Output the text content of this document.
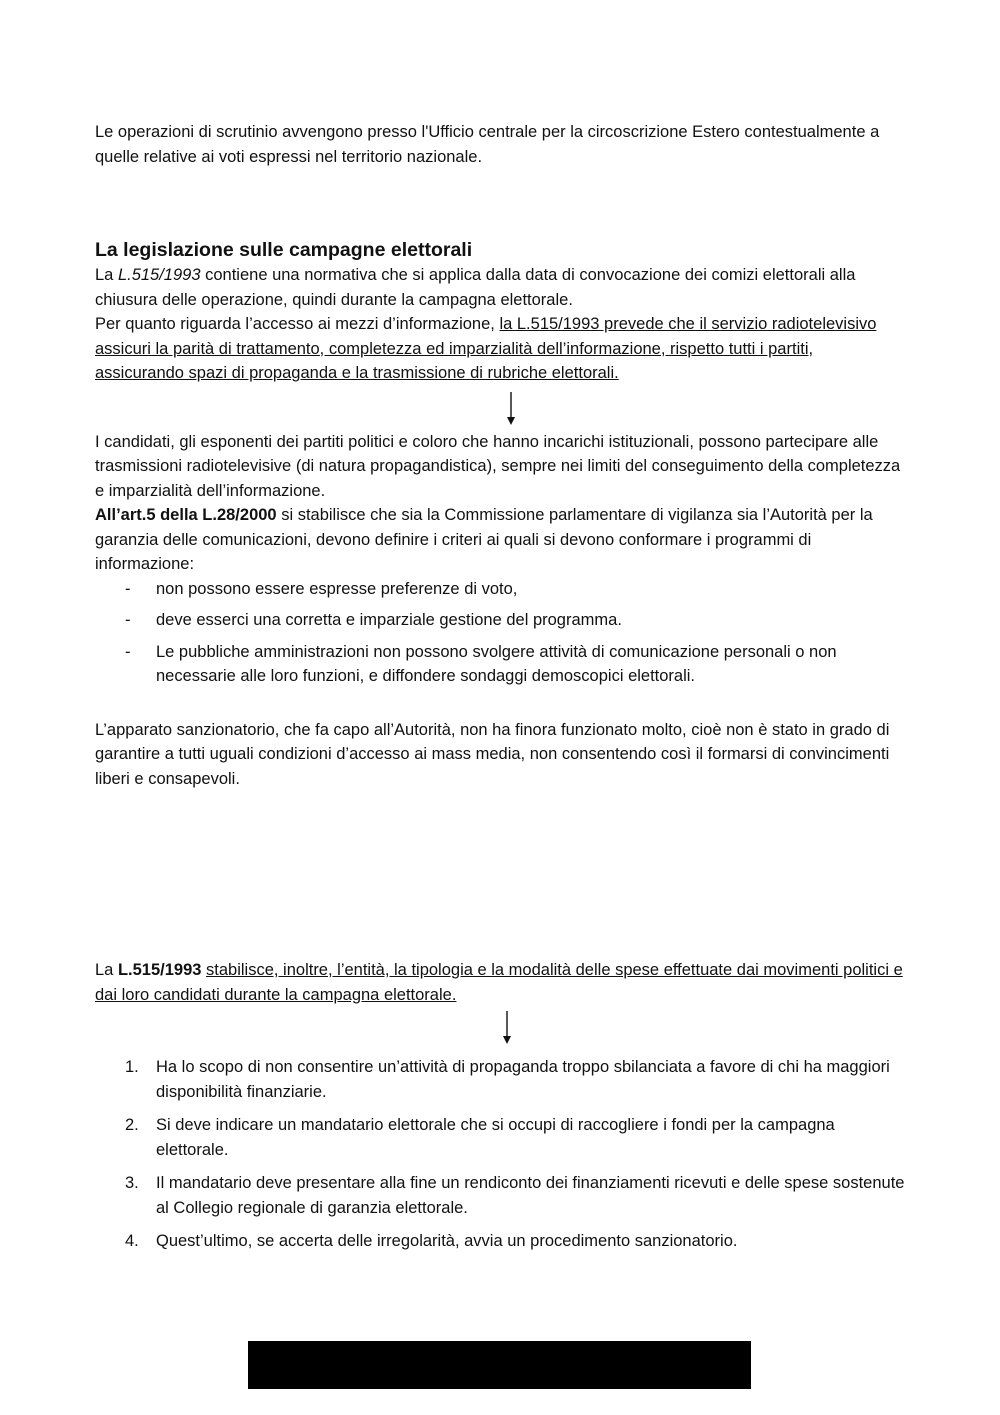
Le operazioni di scrutinio avvengono presso l'Ufficio centrale per la circoscrizione Estero contestualmente a quelle relative ai voti espressi nel territorio nazionale.

La legislazione sulle campagne elettorali

La L.515/1993 contiene una normativa che si applica dalla data di convocazione dei comizi elettorali alla chiusura delle operazione, quindi durante la campagna elettorale.

Per quanto riguarda l’accesso ai mezzi d’informazione, la L.515/1993 prevede che il servizio radiotelevisivo assicuri la parità di trattamento, completezza ed imparzialità dell’informazione, rispetto tutti i partiti, assicurando spazi di propaganda e la trasmissione di rubriche elettorali.

I candidati, gli esponenti dei partiti politici e coloro che hanno incarichi istituzionali, possono partecipare alle trasmissioni radiotelevisive (di natura propagandistica), sempre nei limiti del conseguimento della completezza e imparzialità dell’informazione.

All’art.5 della L.28/2000 si stabilisce che sia la Commissione parlamentare di vigilanza sia l’Autorità per la garanzia delle comunicazioni, devono definire i criteri ai quali si devono conformare i programmi di informazione:

- non possono essere espresse preferenze di voto,
- deve esserci una corretta e imparziale gestione del programma.
- Le pubbliche amministrazioni non possono svolgere attività di comunicazione personali o non necessarie alle loro funzioni, e diffondere sondaggi demoscopici elettorali.

L’apparato sanzionatorio, che fa capo all’Autorità, non ha finora funzionato molto, cioè non è stato in grado di garantire a tutti uguali condizioni d’accesso ai mass media, non consentendo così il formarsi di convincimenti liberi e consapevoli.

La L.515/1993 stabilisce, inoltre, l’entità, la tipologia e la modalità delle spese effettuate dai movimenti politici e dai loro candidati durante la campagna elettorale.

1. Ha lo scopo di non consentire un’attività di propaganda troppo sbilanciata a favore di chi ha maggiori disponibilità finanziarie.
2. Si deve indicare un mandatario elettorale che si occupi di raccogliere i fondi per la campagna elettorale.
3. Il mandatario deve presentare alla fine un rendiconto dei finanziamenti ricevuti e delle spese sostenute al Collegio regionale di garanzia elettorale.
4. Quest’ultimo, se accerta delle irregolarità, avvia un procedimento sanzionatorio.
